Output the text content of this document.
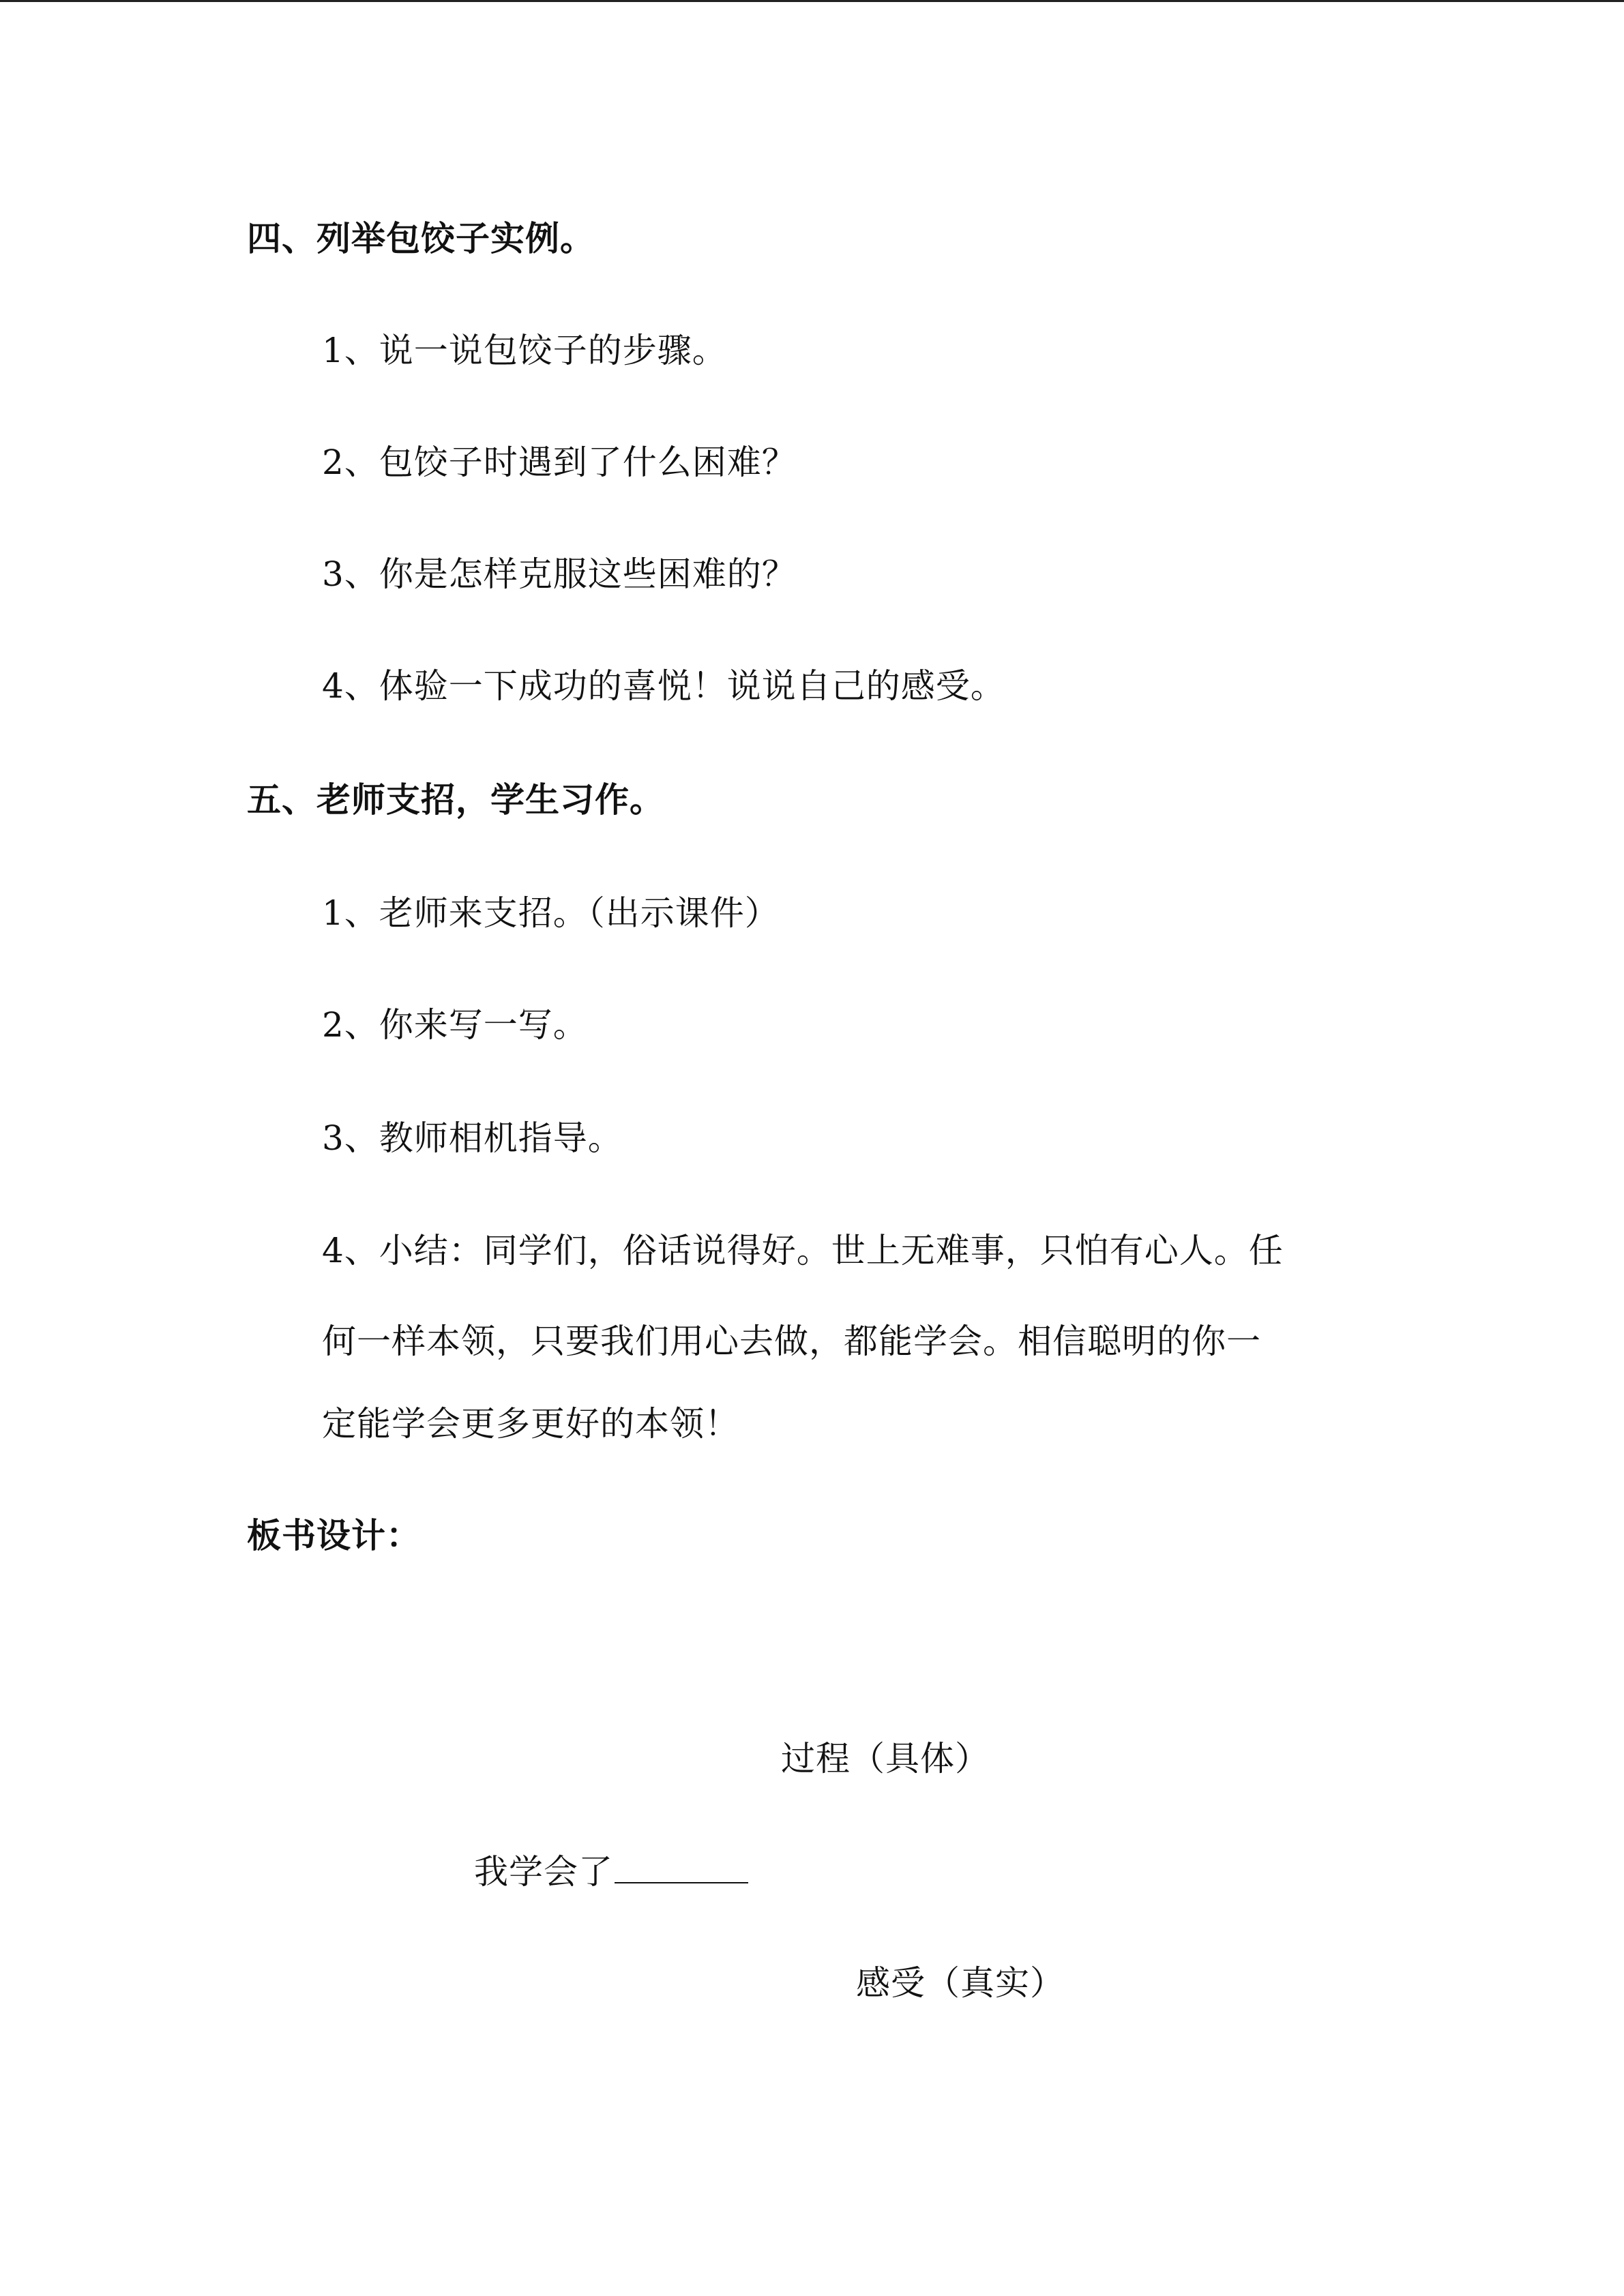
四、列举包饺子实例。
1、说一说包饺子的步骤。
2、包饺子时遇到了什么困难？
3、你是怎样克服这些困难的？
4、体验一下成功的喜悦！说说自己的感受。
五、老师支招，学生习作。
1、老师来支招。（出示课件）
2、你来写一写。
3、教师相机指导。
4、小结：同学们，俗话说得好。世上无难事，只怕有心人。任
何一样本领，只要我们用心去做，都能学会。相信聪明的你一
定能学会更多更好的本领！
板书设计：
过程（具体）
我学会了
感受（真实）
